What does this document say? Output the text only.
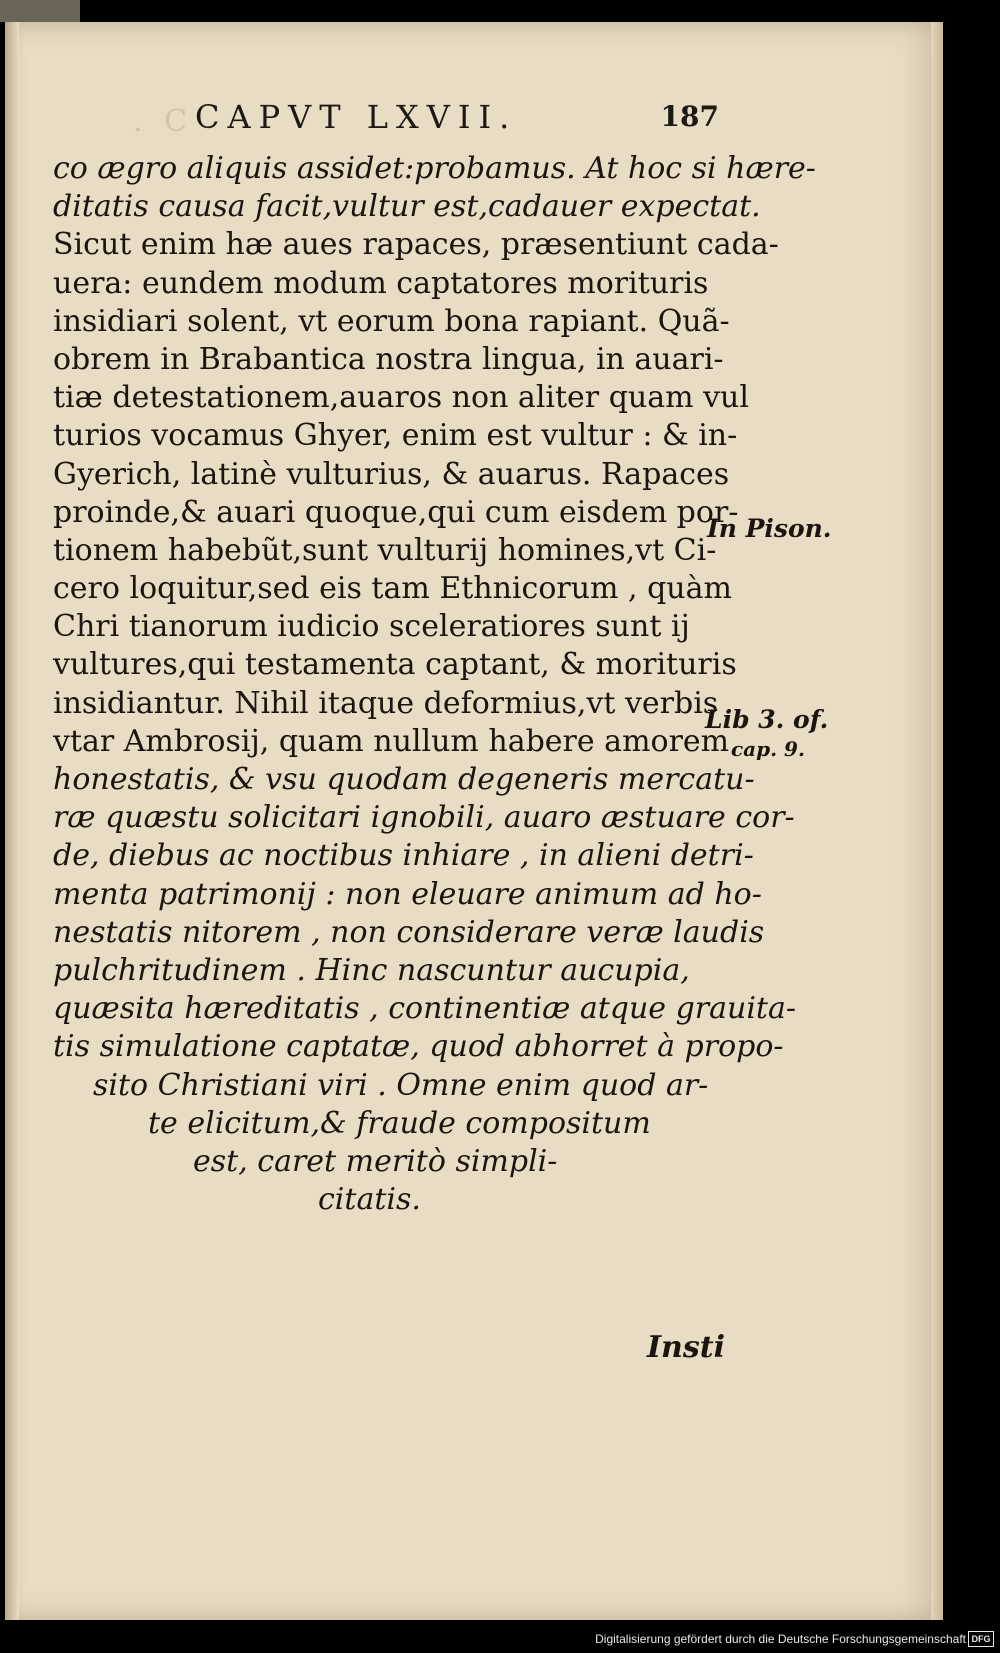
. C CAPVT LXVII.	187
co ægro aliquis assidet:probamus. At hoc si hære-
ditatis causa facit,vultur est,cadauer expectat.
Sicut enim hæ aues rapaces, præsentiunt cada-
uera: eundem modum captatores morituris
insidiari solent, vt eorum bona rapiant. Quã-
obrem in Brabantica nostra lingua, in auari-
tiæ detestationem,auaros non aliter quam vul
turios vocamus Ghyer, enim est vultur : & in-
Gyerich, latinè vulturius, & auarus. Rapaces
proinde,& auari quoque,qui cum eisdem por-
tionem habebũt,sunt vulturij homines,vt Ci-
cero loquitur,sed eis tam Ethnicorum , quàm
Chri tianorum iudicio sceleratiores sunt ij
vultures,qui testamenta captant, & morituris
insidiantur. Nihil itaque deformius,vt verbis
vtar Ambrosij, quam nullum habere amorem
honestatis, & vsu quodam degeneris mercatu-
ræ quæstu solicitari ignobili, auaro æstuare cor-
de, diebus ac noctibus inhiare , in alieni detri-
menta patrimonij : non eleuare animum ad ho-
nestatis nitorem , non considerare veræ laudis
pulchritudinem . Hinc nascuntur aucupia,
quæsita hæreditatis , continentiæ atque grauita-
tis simulatione captatæ, quod abhorret à propo-
sito Christiani viri . Omne enim quod ar-
te elicitum,& fraude compositum
est, caret meritò simpli-
citatis.
In Pison.
Lib 3. of.
cap. 9.
Insti
Digitalisierung gefördert durch die Deutsche Forschungsgemeinschaft DFG
